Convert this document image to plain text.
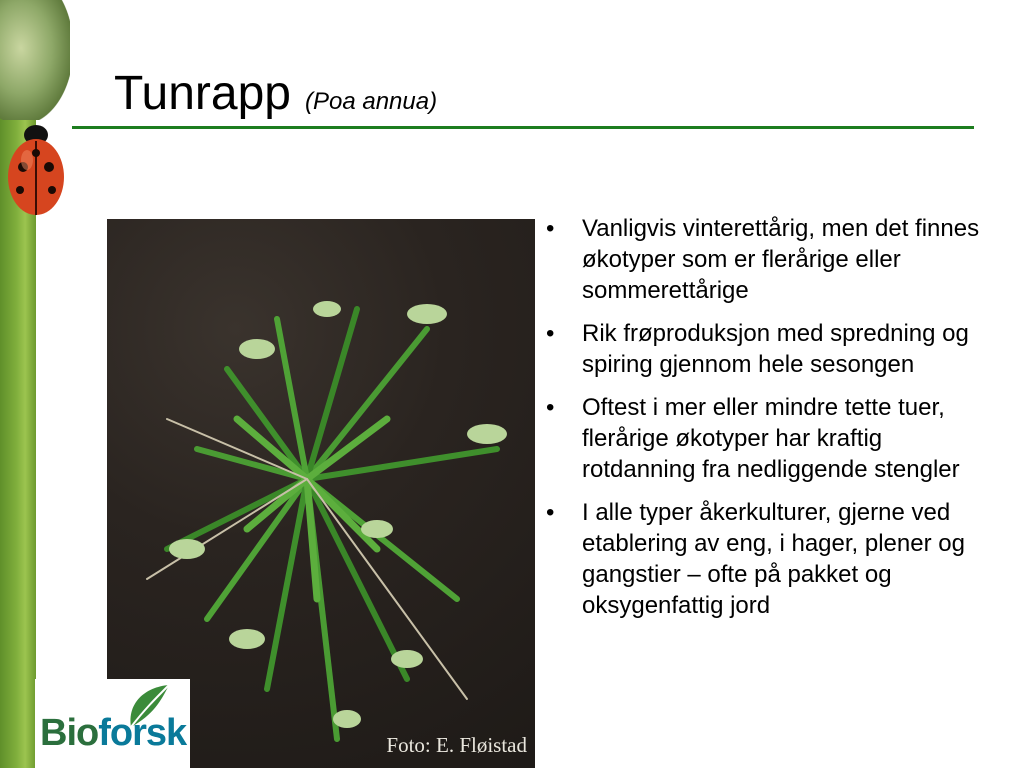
Tunrapp (Poa annua)
Foto: E. Fløistad
• Vanligvis vinterettårig, men det finnes økotyper som er flerårige eller sommerettårige
• Rik frøproduksjon med spredning og spiring gjennom hele sesongen
• Oftest i mer eller mindre tette tuer, flerårige økotyper har kraftig rotdanning fra nedliggende stengler
• I alle typer åkerkulturer, gjerne ved etablering av eng, i hager, plener og gangstier – ofte på pakket og oksygenfattig jord
Bioforsk
